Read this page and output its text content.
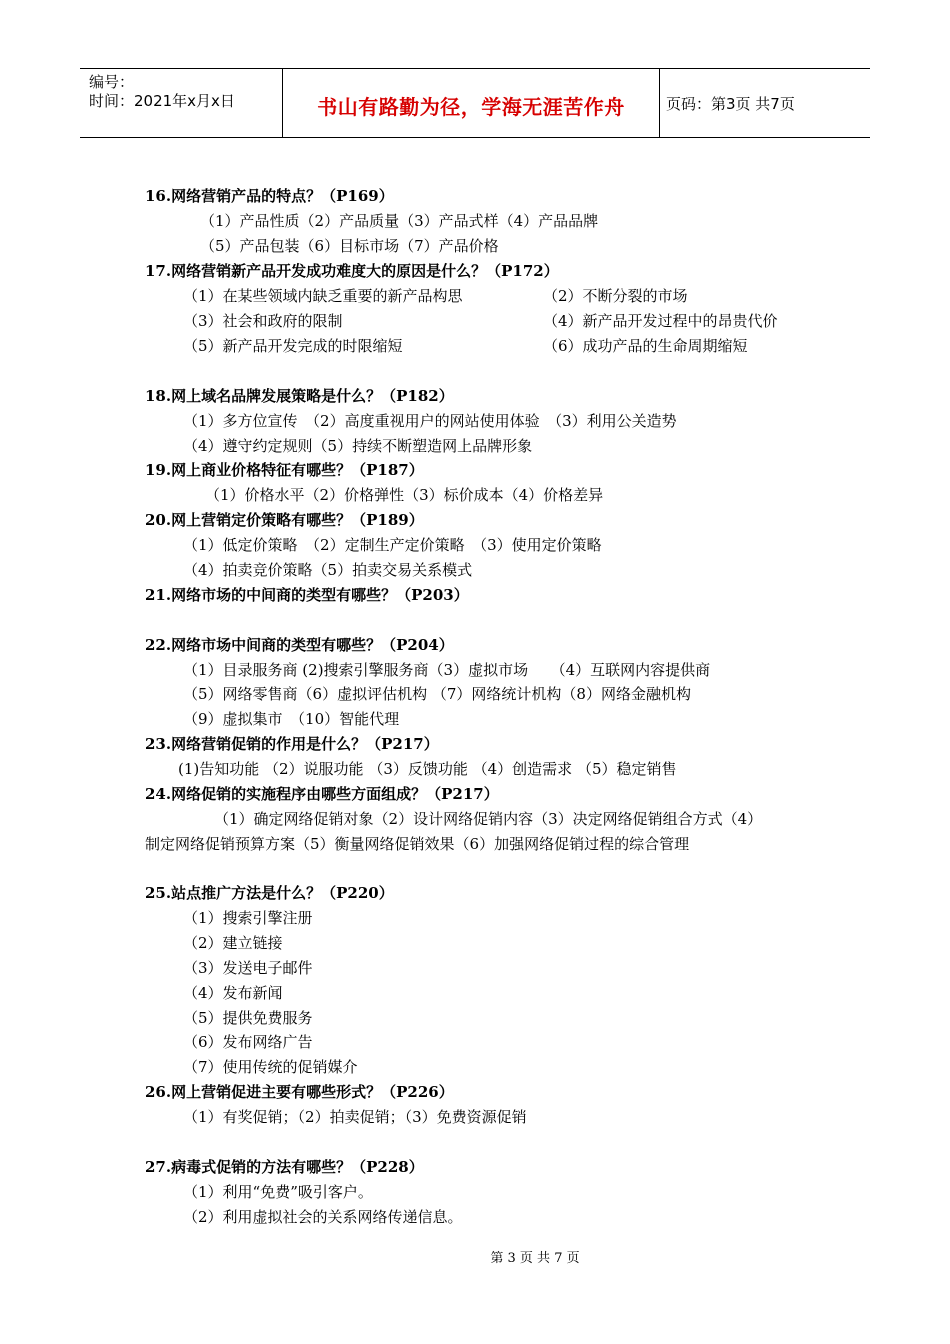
编号：
时间：2021年x月x日	书山有路勤为径，学海无涯苦作舟	页码：第3页 共7页
16.网络营销产品的特点？（P169）
（1）产品性质（2）产品质量（3）产品式样（4）产品品牌
（5）产品包装（6）目标市场（7）产品价格
17.网络营销新产品开发成功难度大的原因是什么？（P172）
（1）在某些领域内缺乏重要的新产品构思	（2）不断分裂的市场
（3）社会和政府的限制	（4）新产品开发过程中的昂贵代价
（5）新产品开发完成的时限缩短	（6）成功产品的生命周期缩短
18.网上域名品牌发展策略是什么？（P182）
（1）多方位宣传　（2）高度重视用户的网站使用体验　（3）利用公关造势
（4）遵守约定规则（5）持续不断塑造网上品牌形象
19.网上商业价格特征有哪些？（P187）
（1）价格水平（2）价格弹性（3）标价成本（4）价格差异
20.网上营销定价策略有哪些？（P189）
（1）低定价策略　（2）定制生产定价策略　（3）使用定价策略
（4）拍卖竞价策略（5）拍卖交易关系模式
21.网络市场的中间商的类型有哪些？（P203）
22.网络市场中间商的类型有哪些？（P204）
（1）目录服务商 (2)搜索引擎服务商（3）虚拟市场　　（4）互联网内容提供商
（5）网络零售商（6）虚拟评估机构 （7）网络统计机构（8）网络金融机构
（9）虚拟集市　（10）智能代理
23.网络营销促销的作用是什么？（P217）
(1)告知功能 （2）说服功能 （3）反馈功能 （4）创造需求 （5）稳定销售
24.网络促销的实施程序由哪些方面组成？（P217）
（1）确定网络促销对象（2）设计网络促销内容（3）决定网络促销组合方式（4）
制定网络促销预算方案（5）衡量网络促销效果（6）加强网络促销过程的综合管理
25.站点推广方法是什么？（P220）
（1）搜索引擎注册
（2）建立链接
（3）发送电子邮件
（4）发布新闻
（5）提供免费服务
（6）发布网络广告
（7）使用传统的促销媒介
26.网上营销促进主要有哪些形式？（P226）
（1）有奖促销；（2）拍卖促销；（3）免费资源促销
27.病毒式促销的方法有哪些？（P228）
（1）利用“免费”吸引客户。
（2）利用虚拟社会的关系网络传递信息。
第 3 页 共 7 页
